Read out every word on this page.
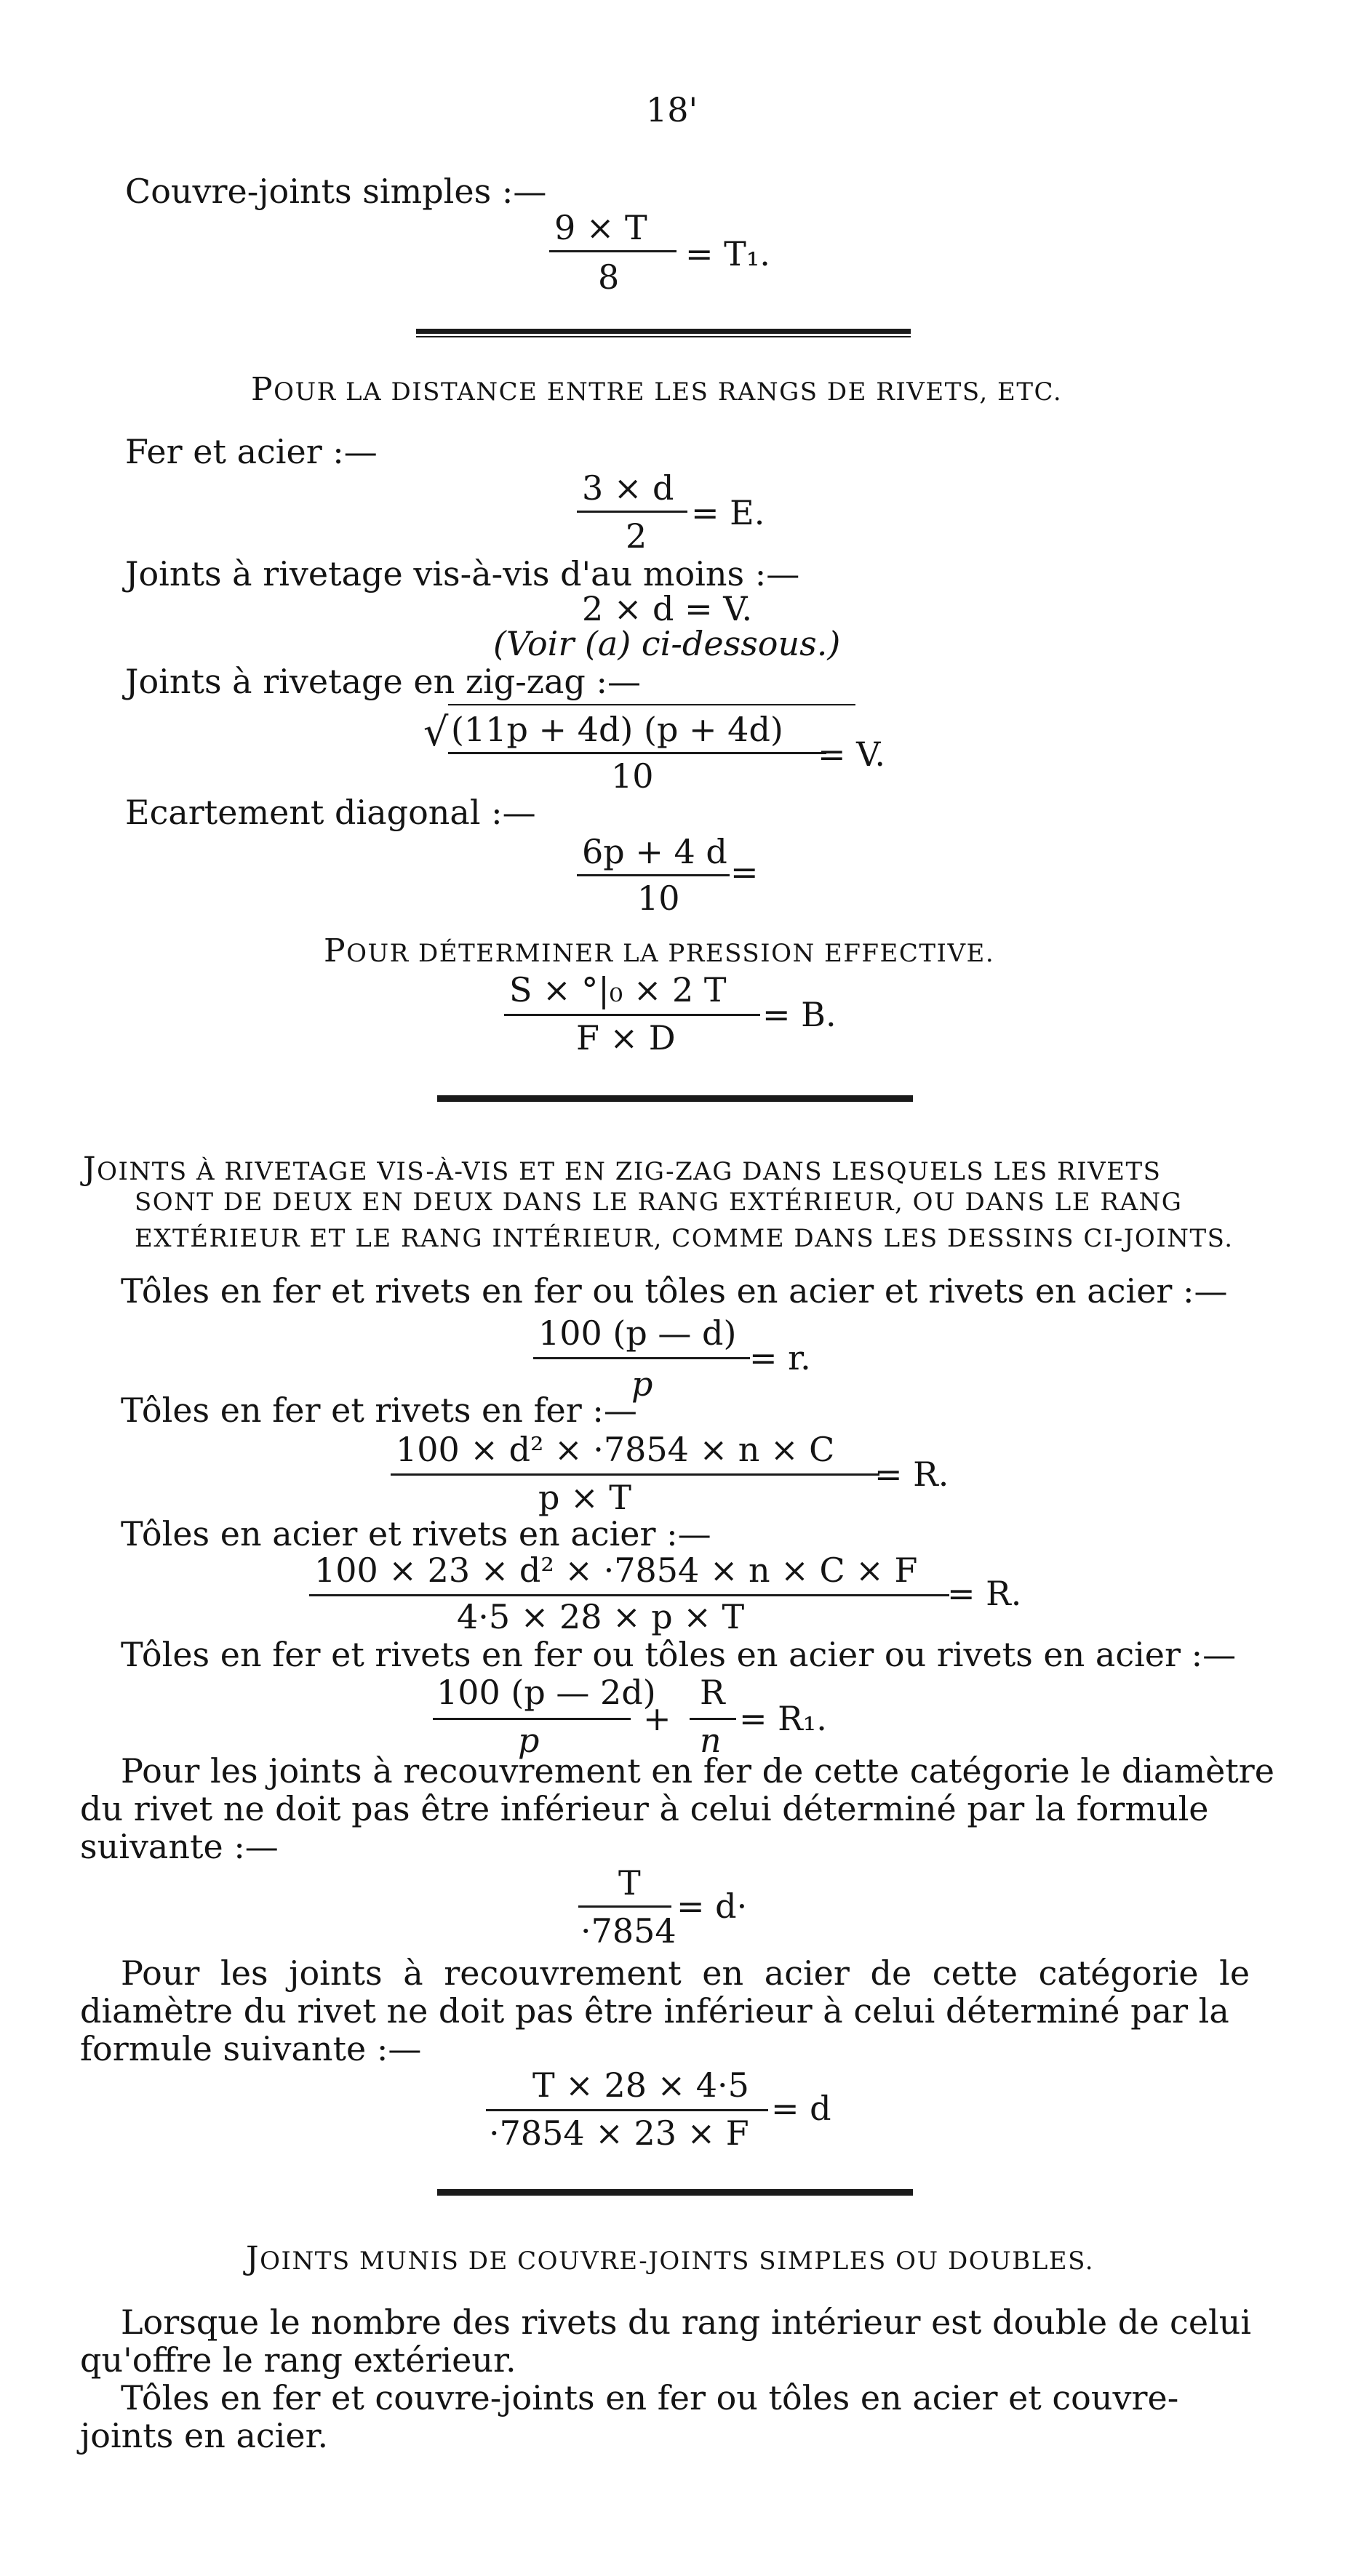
18'
Couvre-joints simples :—
9 × T
8
= T₁.
POUR LA DISTANCE ENTRE LES RANGS DE RIVETS, ETC.
Fer et acier :—
3 × d
2
= E.
Joints à rivetage vis-à-vis d'au moins :—
2 × d = V.
(Voir (a) ci-dessous.)
Joints à rivetage en zig-zag :—
√ (11p + 4d) (p + 4d)
10
= V.
Ecartement diagonal :—
6p + 4 d
10
=
POUR DÉTERMINER LA PRESSION EFFECTIVE.
S × °|₀ × 2 T
F × D
= B.
JOINTS À RIVETAGE VIS-À-VIS ET EN ZIG-ZAG DANS LESQUELS LES RIVETS
SONT DE DEUX EN DEUX DANS LE RANG EXTÉRIEUR, OU DANS LE RANG
EXTÉRIEUR ET LE RANG INTÉRIEUR, COMME DANS LES DESSINS CI-JOINTS.
Tôles en fer et rivets en fer ou tôles en acier et rivets en acier :—
100 (p — d)
p
= r.
Tôles en fer et rivets en fer :—
100 × d² × ·7854 × n × C
p × T
= R.
Tôles en acier et rivets en acier :—
100 × 23 × d² × ·7854 × n × C × F
4·5 × 28 × p × T
= R.
Tôles en fer et rivets en fer ou tôles en acier ou rivets en acier :—
100 (p — 2d)
p
+
R
n
= R₁.
Pour les joints à recouvrement en fer de cette catégorie le diamètre
du rivet ne doit pas être inférieur à celui déterminé par la formule
suivante :—
T
·7854
= d·
Pour les joints à recouvrement en acier de cette catégorie le
diamètre du rivet ne doit pas être inférieur à celui déterminé par la
formule suivante :—
T × 28 × 4·5
·7854 × 23 × F
= d
JOINTS MUNIS DE COUVRE-JOINTS SIMPLES OU DOUBLES.
Lorsque le nombre des rivets du rang intérieur est double de celui
qu'offre le rang extérieur.
Tôles en fer et couvre-joints en fer ou tôles en acier et couvre-
joints en acier.
